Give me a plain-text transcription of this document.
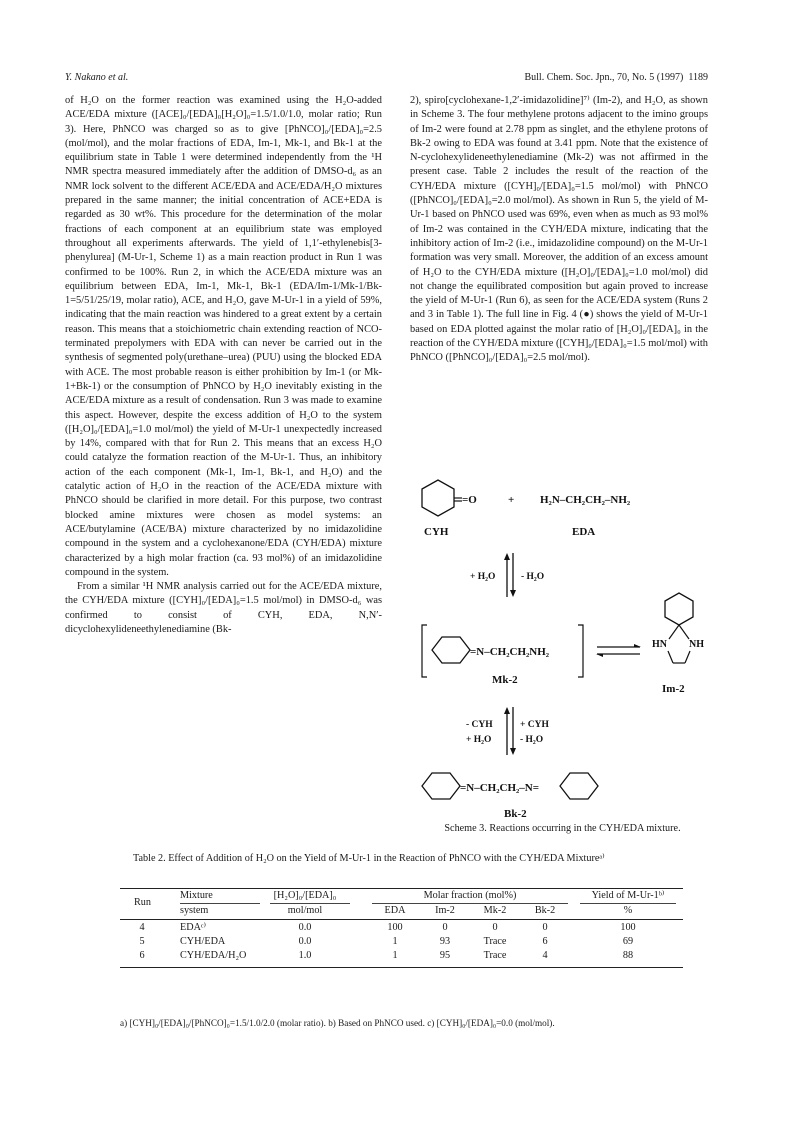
Y. Nakano et al.	Bull. Chem. Soc. Jpn., 70, No. 5 (1997) 1189

of H₂O on the former reaction was examined using the H₂O-added ACE/EDA mixture ([ACE]₀/[EDA]₀[H₂O]₀=1.5/1.0/1.0, molar ratio; Run 3). Here, PhNCO was charged so as to give [PhNCO]₀/[EDA]₀=2.5 (mol/mol), and the molar fractions of EDA, Im-1, Mk-1, and Bk-1 at the equilibrium state in Table 1 were determined independently from the ¹H NMR spectra measured immediately after the addition of DMSO-d₆ as an NMR lock solvent to the different ACE/EDA and ACE/EDA/H₂O mixtures prepared in the same manner; the initial concentration of ACE+EDA is regarded as 30 wt%. This procedure for the determination of the molar fractions of each component at an equilibrium state was employed throughout all experiments afterwards. The yield of 1,1′-ethylenebis[3-phenylurea] (M-Ur-1, Scheme 1) as a main reaction product in Run 1 was confirmed to be 100%. Run 2, in which the ACE/EDA mixture was an equilibrium between EDA, Im-1, Mk-1, Bk-1 (EDA/Im-1/Mk-1/Bk-1=5/51/25/19, molar ratio), ACE, and H₂O, gave M-Ur-1 in a yield of 59%, indicating that the main reaction was hindered to a great extent by a certain reason. This means that a stoichiometric chain extending reaction of NCO-terminated prepolymers with EDA with can never be carried out in the synthesis of segmented poly(urethane–urea) (PUU) using the blocked EDA with ACE. The most probable reason is either prohibition by Im-1 (or Mk-1+Bk-1) or the consumption of PhNCO by H₂O inevitably existing in the ACE/EDA mixture as a result of condensation. Run 3 was made to examine this aspect. However, despite the excess addition of H₂O to the system ([H₂O]₀/[EDA]₀=1.0 mol/mol) the yield of M-Ur-1 unexpectedly increased by 14%, compared with that for Run 2. This means that an excess H₂O could catalyze the formation reaction of the M-Ur-1. Thus, an inhibitory action of the each component (Mk-1, Im-1, Bk-1, and H₂O) and the catalytic action of H₂O in the reaction of the ACE/EDA mixture with PhNCO should be clarified in more detail. For this purpose, two contrast blocked amine mixtures were chosen as model systems: an ACE/butylamine (ACE/BA) mixture characterized by no imidazolidine compound in the system and a cyclohexanone/EDA (CYH/EDA) mixture characterized by a high molar fraction (ca. 93 mol%) of an imidazolidine compound in the system.

From a similar ¹H NMR analysis carried out for the ACE/EDA mixture, the CYH/EDA mixture ([CYH]₀/[EDA]₀=1.5 mol/mol) in DMSO-d₆ was confirmed to consist of CYH, EDA, N,N′-dicyclohexylideneethylenediamine (Bk-

2), spiro[cyclohexane-1,2′-imidazolidine]⁷⁾ (Im-2), and H₂O, as shown in Scheme 3. The four methylene protons adjacent to the imino groups of Im-2 were found at 2.78 ppm as singlet, and the ethylene protons of Bk-2 owing to EDA was found at 3.41 ppm. Note that the existence of N-cyclohexylideneethylenediamine (Mk-2) was not affirmed in the present case. Table 2 includes the result of the reaction of the CYH/EDA mixture ([CYH]₀/[EDA]₀=1.5 mol/mol) with PhNCO ([PhNCO]₀/[EDA]₀=2.0 mol/mol). As shown in Run 5, the yield of M-Ur-1 based on PhNCO used was 69%, even when as much as 93 mol% of Im-2 was contained in the CYH/EDA mixture, indicating that the inhibitory action of Im-2 (i.e., imidazolidine compound) on the M-Ur-1 formation was very small. Moreover, the addition of an excess amount of H₂O to the CYH/EDA mixture ([H₂O]₀/[EDA]₀=1.0 mol/mol) did not change the equilibrated composition but again proved to increase the yield of M-Ur-1 (Run 6), as seen for the ACE/EDA system (Runs 2 and 3 in Table 1). The full line in Fig. 4 (●) shows the yield of M-Ur-1 based on EDA plotted against the molar ratio of [H₂O]₀/[EDA]₀ in the reaction of the CYH/EDA mixture ([CYH]₀/[EDA]₀=1.5 mol/mol) with PhNCO ([PhNCO]₀/[EDA]₀=2.5 mol/mol).

=O	+ H₂N–CH₂CH₂–NH₂
CYH	EDA
+ H₂O	- H₂O
=N–CH₂CH₂NH₂
Mk-2
HN NH
Im-2
- CYH
+ H₂O
+ CYH
- H₂O
=N–CH₂CH₂–N=
Bk-2
Scheme 3. Reactions occurring in the CYH/EDA mixture.
Table 2. Effect of Addition of H₂O on the Yield of M-Ur-1 in the Reaction of PhNCO with the CYH/EDA Mixtureᵃ⁾
Run
Mixture
system
[H₂O]₀/[EDA]₀
mol/mol
Molar fraction (mol%)
EDA	Im-2	Mk-2	Bk-2
Yield of M-Ur-1ᵇ⁾
%
4	EDAᶜ⁾	0.0	100	0	0	0	100
5	CYH/EDA	0.0	1	93	Trace	6	69
6	CYH/EDA/H₂O	1.0	1	95	Trace	4	88
a) [CYH]₀/[EDA]₀/[PhNCO]₀=1.5/1.0/2.0 (molar ratio). b) Based on PhNCO used. c) [CYH]₀/[EDA]₀=0.0 (mol/mol).
